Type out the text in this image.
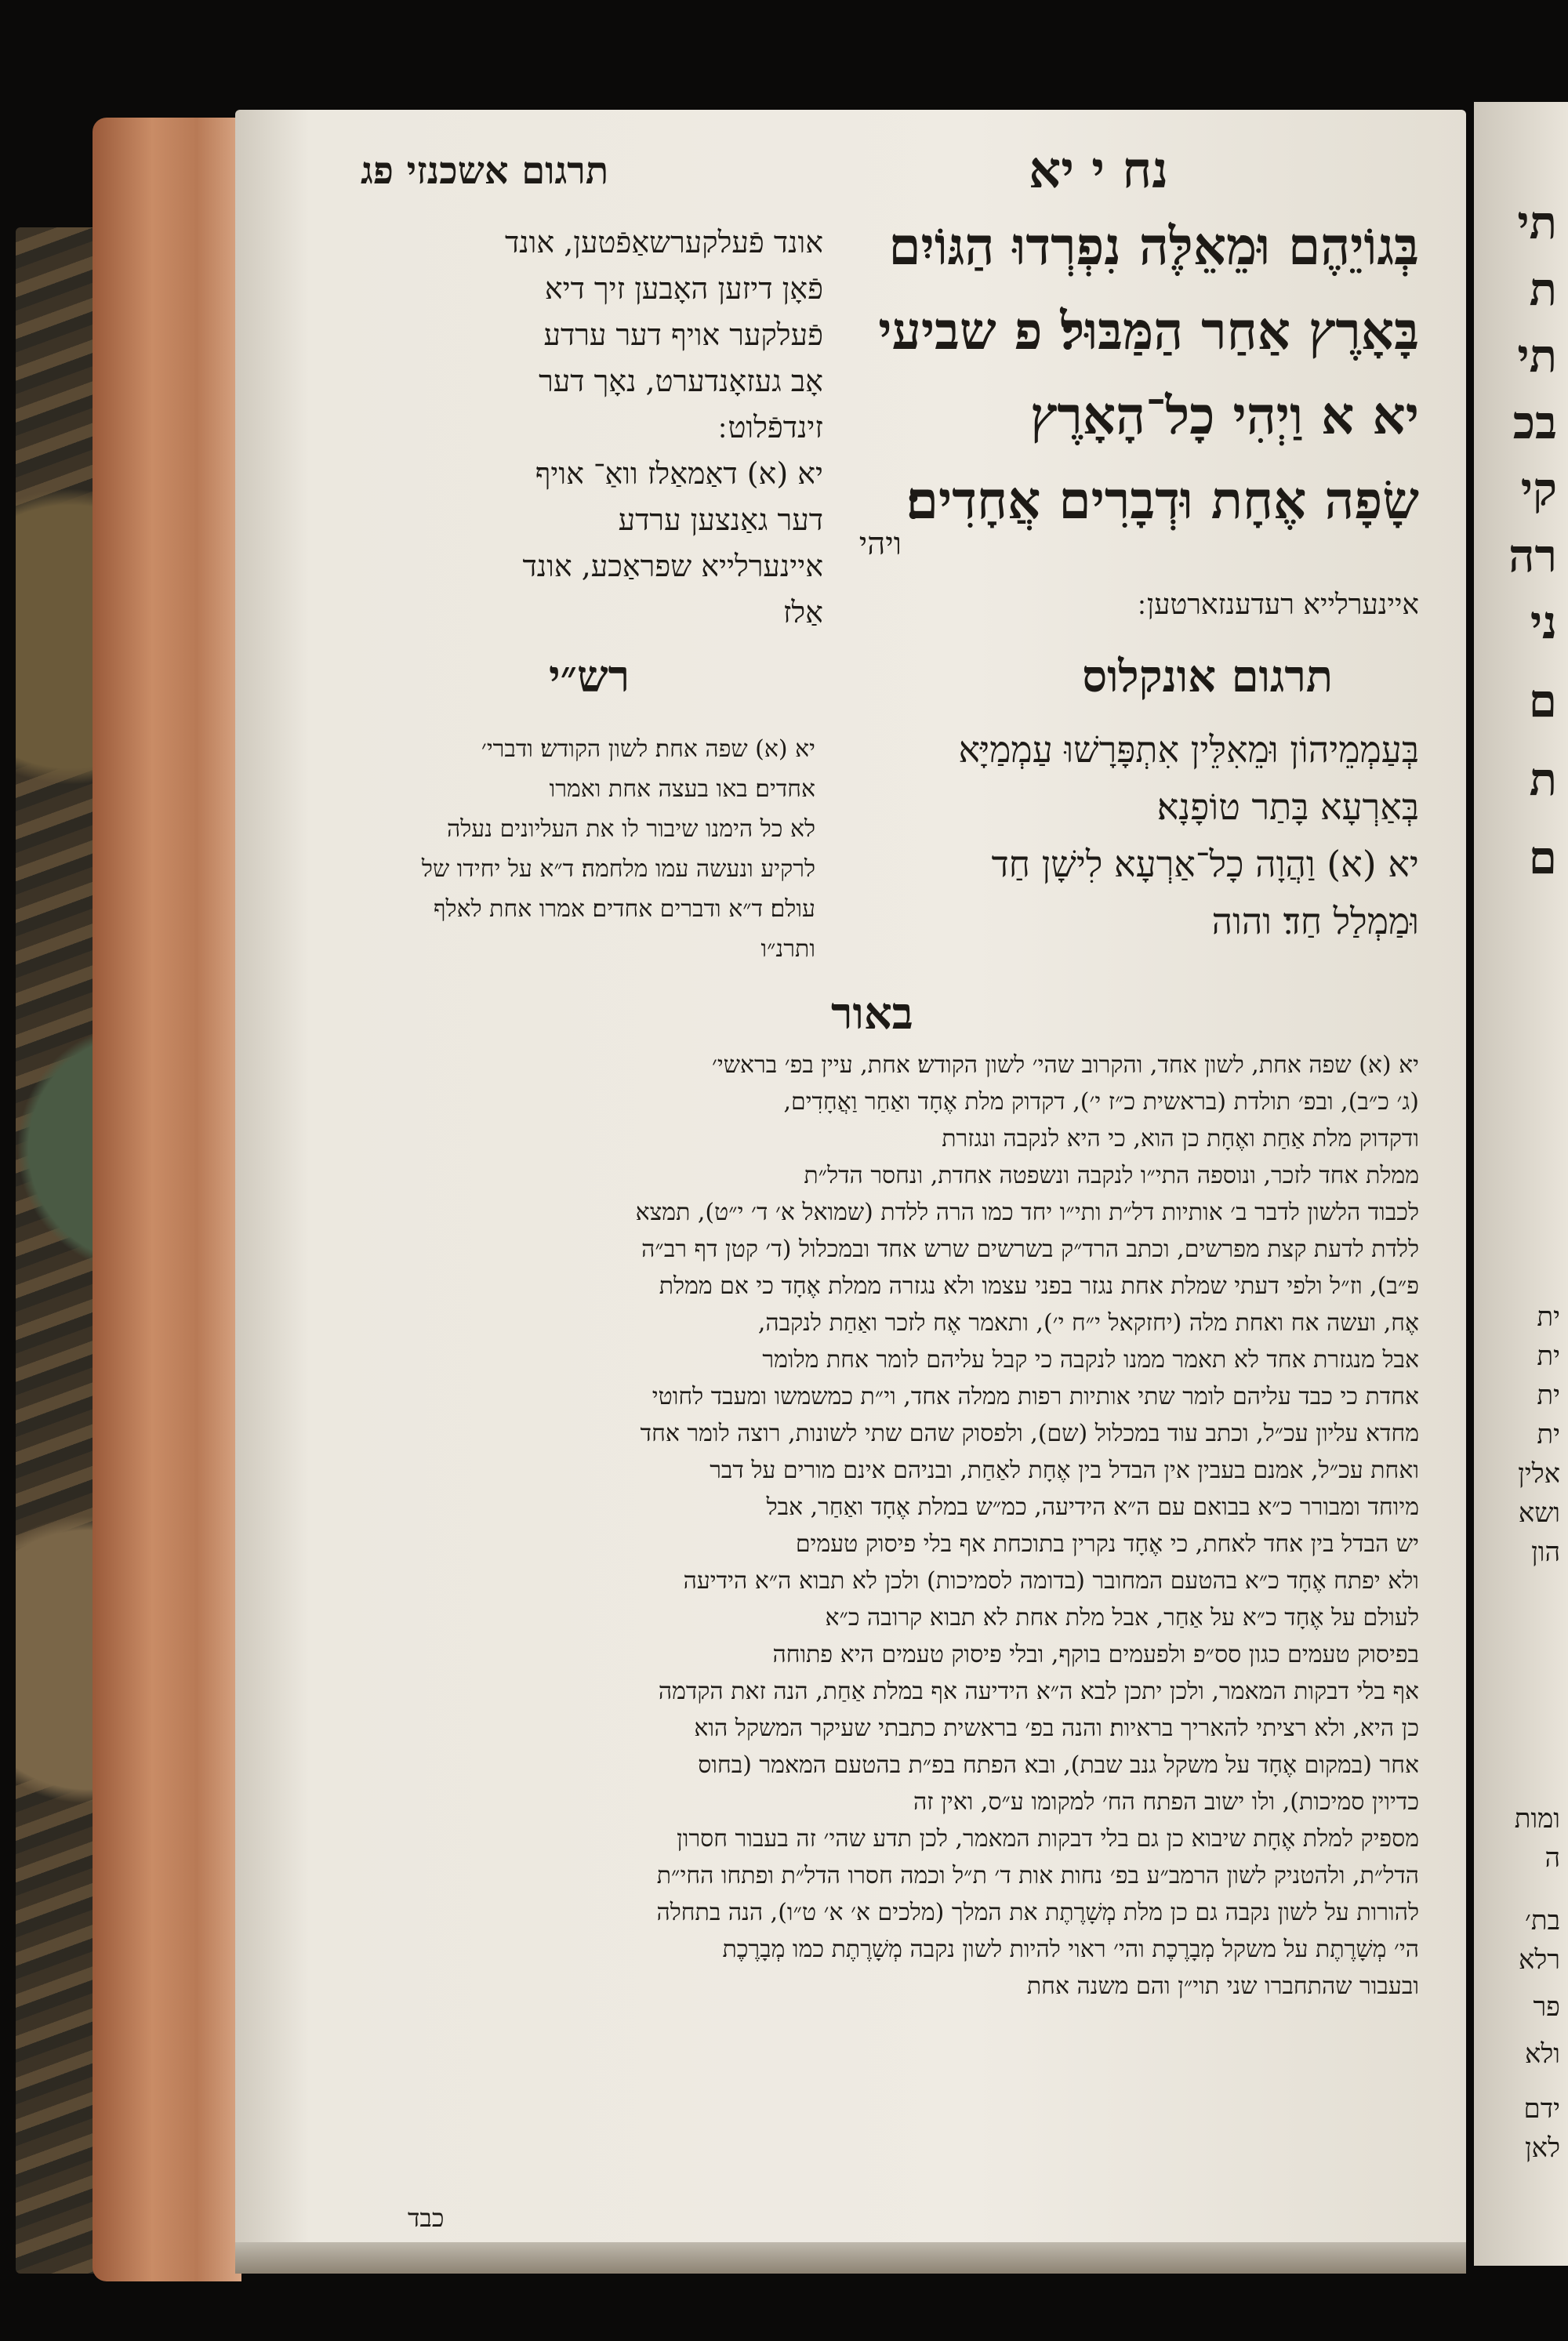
נח י יא
תרגום אשכנזי פג
בְּגוֹיֵהֶם וּמֵאֵלֶּה נִפְרְדוּ הַגּוֹיִם
בָּאָרֶץ אַחַר הַמַּבּוּל׃ פ שביעי
יא א וַיְהִי כָל־הָאָרֶץ
שָׂפָה אֶחָת וּדְבָרִים אֲחָדִים׃
ויהי
איינערלייא רעדענזארטען ׃
אונד פֿעלקערשאַפֿטען, אונד
פֿאָן דיזען האָבען זיך דיא
פֿעלקער אויף דער ערדע
אָב געזאָנדערט, נאָך דער
זינדפֿלוט ׃
יא (א) דאַמאַלז וואַ־ אויף
דער גאַנצען ערדע
איינערלייא שפראַכע, אונד
אַלז
תרגום אונקלוס
רש״י
בְּעַמְמֵיהוֹן וּמֵאִלֵּין אִתְפָּרָשׁוּ עַמְמַיָּא
בְּאַרְעָא בָּתַר טוֹפָנָא׃
יא (א) וַהֲוָה כָל־אַרְעָא לִישָׁן חַד
וּמַמְלַל חַד׃ והוה
יא (א) שפה אחת׃ לשון הקודש׃ ודברי׳
אחדים׃ באו בעצה אחת ואמרו
לא כל הימנו שיבור לו את העליונים נעלה
לרקיע ונעשה עמו מלחמה׃ ד״א על יחידו של
עולם׃ ד״א ודברים אחדים׃ אמרו אחת לאלף
ותרנ״ו
באור
יא (א) שפה אחת, לשון אחד, והקרוב שהי׳ לשון הקודש׃ אחת, עיין בפ׳ בראשי׳
(ג׳ כ״ב), ובפ׳ תולדת (בראשית כ״ז י׳), דקדוק מלת אֶחָד ואַחַר וַאֲחָדִים,
ודקדוק מלת אַחַת ואֶחָת כן הוא, כי היא לנקבה ונגזרת
ממלת אחד לזכר, ונוספה התי״ו לנקבה ונשפטה אחדת, ונחסר הדל״ת
לכבוד הלשון לדבר ב׳ אותיות דל״ת ותי״ו יחד כמו הרה ללדת (שמואל א׳ ד׳ י״ט), תמצא
ללדת לדעת קצת מפרשים, וכתב הרד״ק בשרשים שרש אחד ובמכלול (ד׳ קטן דף רב״ה
פ״ב), וז״ל ולפי דעתי שמלת אחת נגזר בפני עצמו ולא נגזרה ממלת אֶחָד כי אם ממלת
אֶח, ועשה אח ואחת מלה (יחזקאל י״ח י׳), ותאמר אֶח לזכר ואַחַת לנקבה,
אבל מנגזרת אחד לא תאמר ממנו לנקבה כי קבל עליהם לומר אחת מלומר
אחדת כי כבד עליהם לומר שתי אותיות רפות ממלה אחד, וי״ת כמשמשו ומעבד לחוטי
מחדא עליון עכ״ל, וכתב עוד במכלול (שם), ולפסוק שהם שתי לשונות, רוצה לומר אחד
ואחת עכ״ל, אמנם בעבין אין הבדל בין אֶחָת לאַחַת, ובניהם אינם מורים על דבר
מיוחד ומבורר כ״א בבואם עם ה״א הידיעה, כמ״ש במלת אֶחָד ואַחַר, אבל
יש הבדל בין אחד לאחת, כי אֶחָד נקרין בתוכחת אף בלי פיסוק טעמים
ולא יפתח אֶחָד כ״א בהטעם המחובר (בדומה לסמיכות) ולכן לא תבוא ה״א הידיעה
לעולם על אֶחָד כ״א על אַחַר, אבל מלת אחת לא תבוא קרובה כ״א
בפיסוק טעמים כגון סס״פ ולפעמים בוקף, ובלי פיסוק טעמים היא פתוחה
אף בלי דבקות המאמר, ולכן יתכן לבא ה״א הידיעה אף במלת אַחַת, הנה זאת הקדמה
כן היא, ולא רציתי להאריך בראיות׃ והנה בפ׳ בראשית כתבתי שעיקר המשקל הוא
אחר (במקום אֶחָד על משקל גנב שבת), ובא הפתח בפ״ת בהטעם המאמר (בחוס
כדיוין סמיכות), ולו ישוב הפתח הח׳ למקומו ע״ס, ואין זה
מספיק למלת אֶחָת שיבוא כן גם בלי דבקות המאמר, לכן תדע שהי׳ זה בעבור חסרון
הדל״ת, ולהטניק לשון הרמב״ע בפ׳ נחות אות ד׳ ת״ל וכמה חסרו הדל״ת ופתחו החי״ת
להורות על לשון נקבה גם כן מלת מְשָׁרֶתֶת את המלך (מלכים א׳ א׳ ט״ו), הנה בתחלה
הי׳ מְשָׁרֶתֶת על משקל מְבָרֶכֶת והי׳ ראוי להיות לשון נקבה מְשָׁרֶתֶת כמו מְבָרֶכֶת
ובעבור שהתחברו שני תוי״ן והם משנה אחת
כבד
תי
ת
תי
בכ
קי
רה
ני
ם
ת
ם
ית
ית
ית
ית
אלין
ושא
הון
ומות
ה
בת׳
רלא
פר
ולא
ידם
לאן
